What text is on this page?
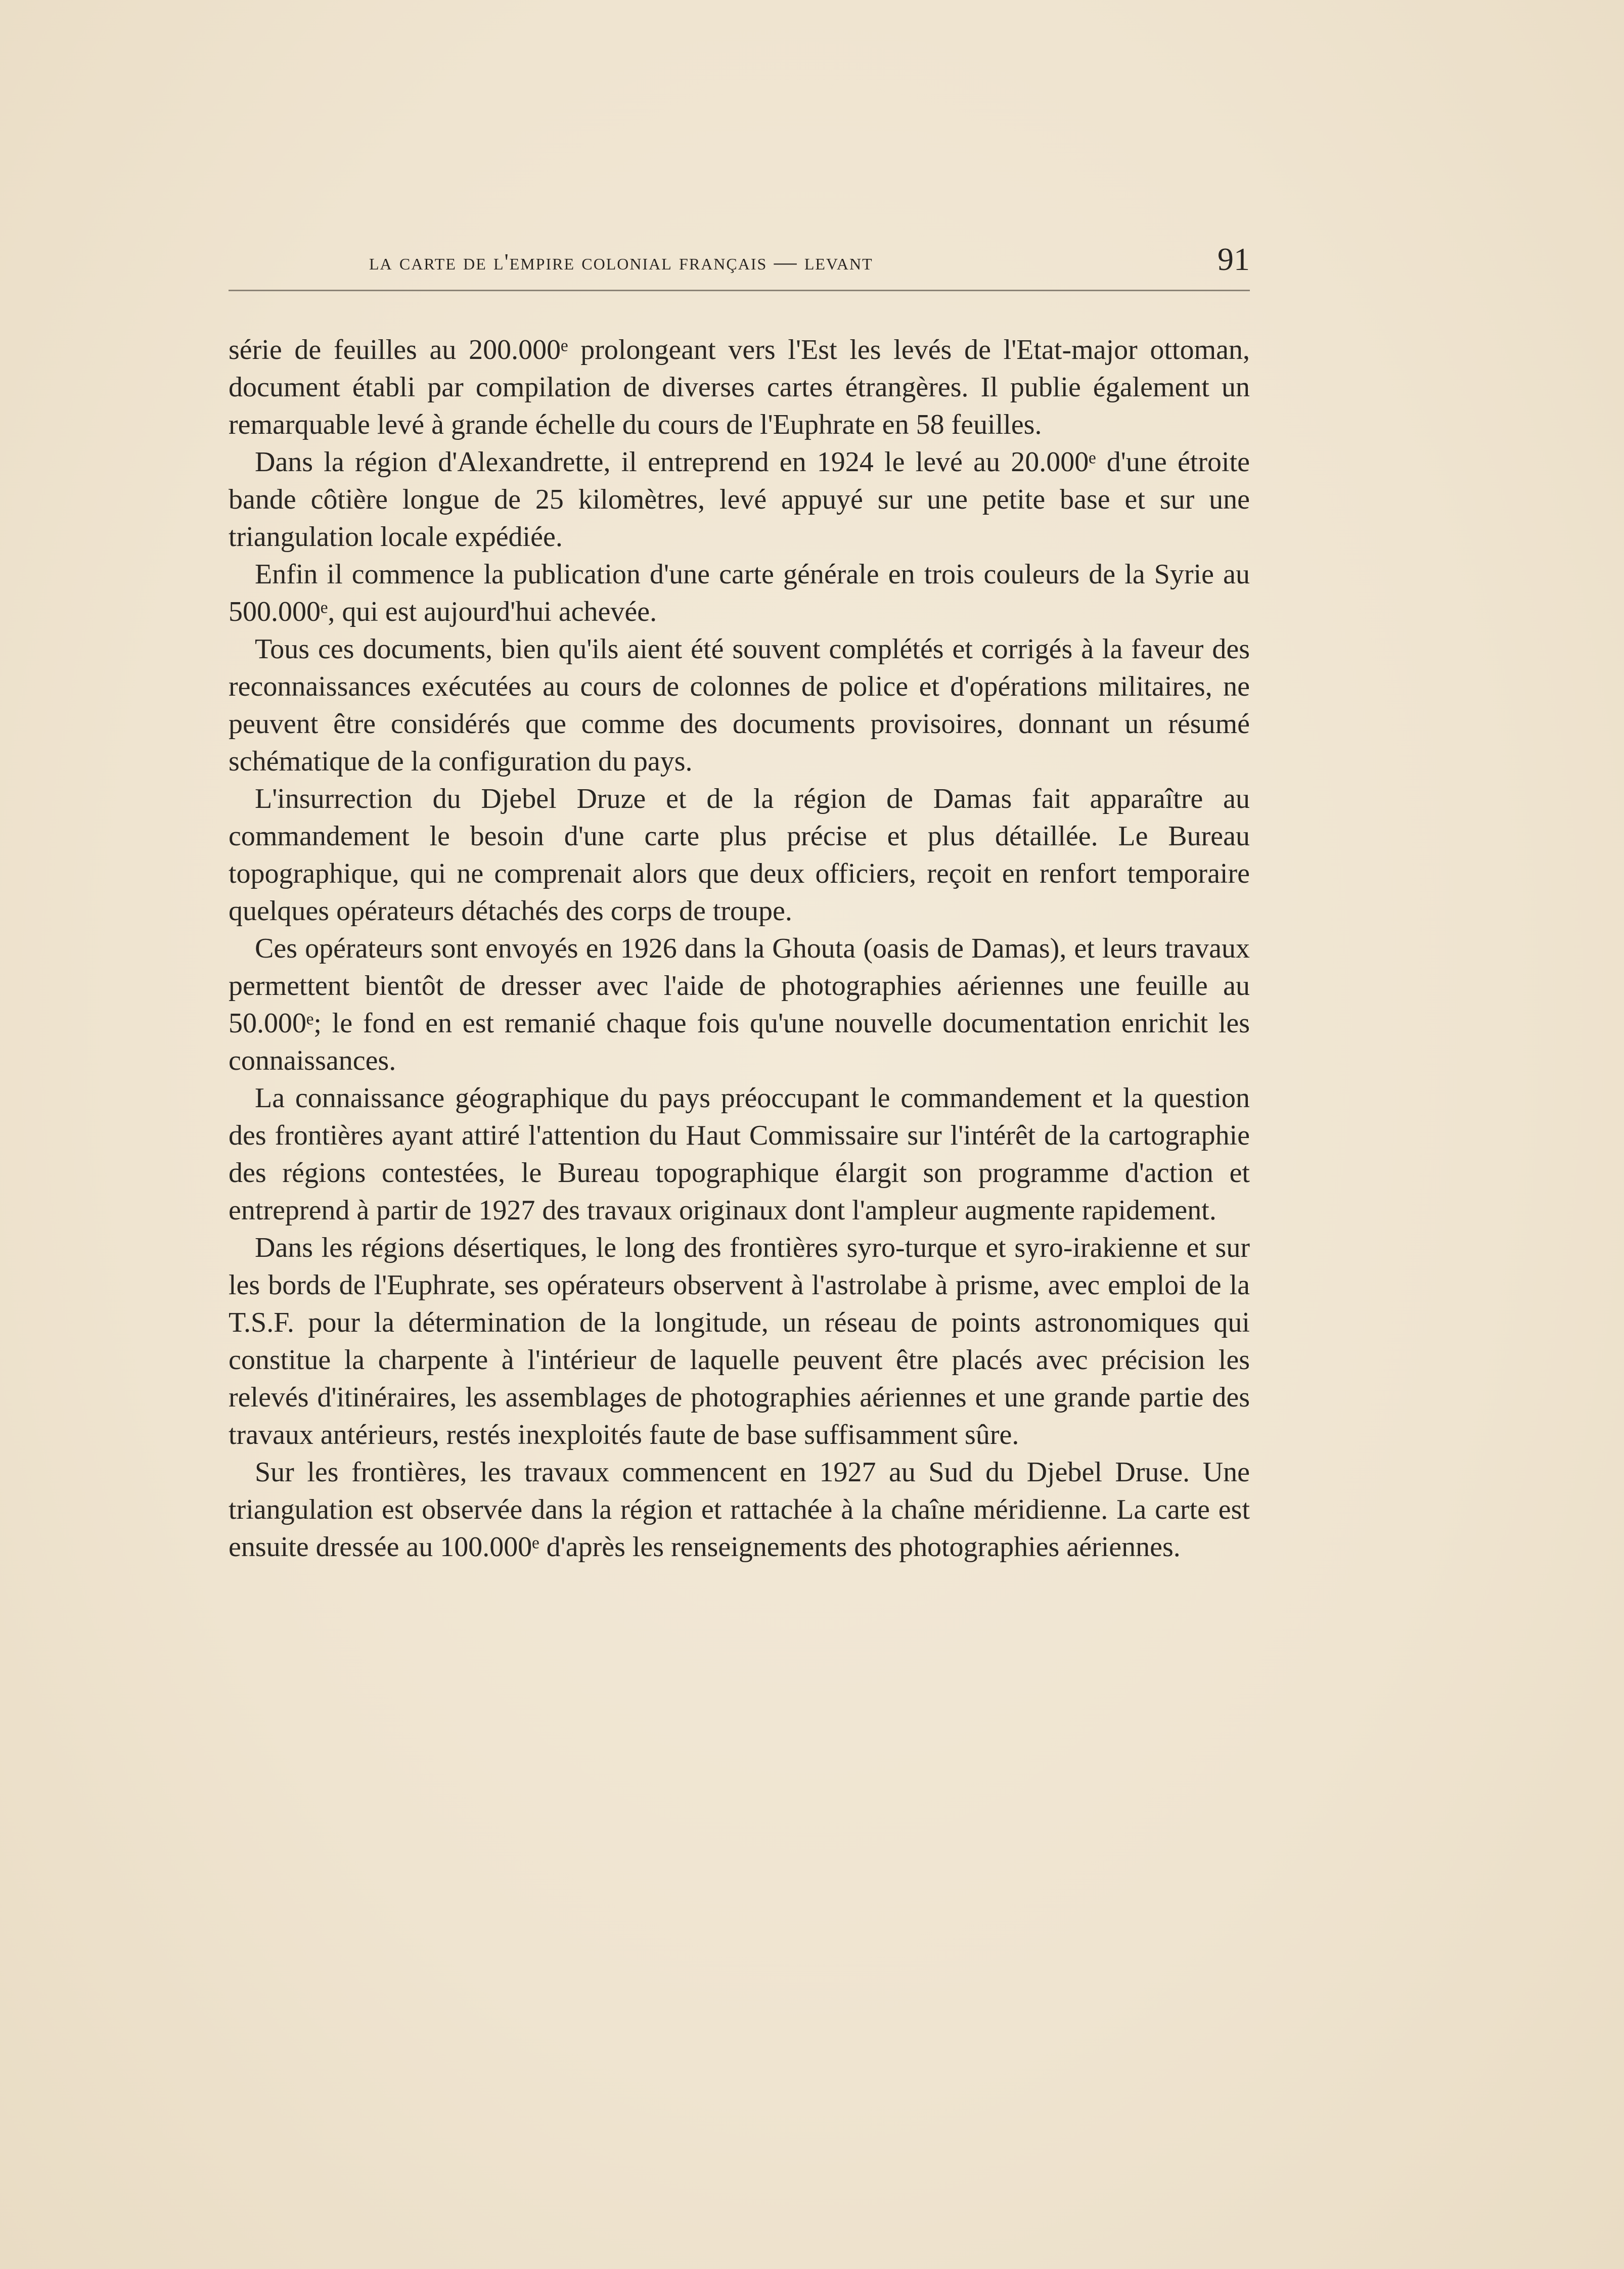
la carte de l'empire colonial français — levant	91

série de feuilles au 200.000ᵉ prolongeant vers l'Est les levés de l'Etat-major ottoman, document établi par compilation de diverses cartes étrangères. Il publie également un remarquable levé à grande échelle du cours de l'Euphrate en 58 feuilles.

Dans la région d'Alexandrette, il entreprend en 1924 le levé au 20.000ᵉ d'une étroite bande côtière longue de 25 kilomètres, levé appuyé sur une petite base et sur une triangulation locale expédiée.

Enfin il commence la publication d'une carte générale en trois couleurs de la Syrie au 500.000ᵉ, qui est aujourd'hui achevée.

Tous ces documents, bien qu'ils aient été souvent complétés et corrigés à la faveur des reconnaissances exécutées au cours de colonnes de police et d'opérations militaires, ne peuvent être considérés que comme des documents provisoires, donnant un résumé schématique de la configuration du pays.

L'insurrection du Djebel Druze et de la région de Damas fait apparaître au commandement le besoin d'une carte plus précise et plus détaillée. Le Bureau topographique, qui ne comprenait alors que deux officiers, reçoit en renfort temporaire quelques opérateurs détachés des corps de troupe.

Ces opérateurs sont envoyés en 1926 dans la Ghouta (oasis de Damas), et leurs travaux permettent bientôt de dresser avec l'aide de photographies aériennes une feuille au 50.000ᵉ; le fond en est remanié chaque fois qu'une nouvelle documentation enrichit les connaissances.

La connaissance géographique du pays préoccupant le commandement et la question des frontières ayant attiré l'attention du Haut Commissaire sur l'intérêt de la cartographie des régions contestées, le Bureau topographique élargit son programme d'action et entreprend à partir de 1927 des travaux originaux dont l'ampleur augmente rapidement.

Dans les régions désertiques, le long des frontières syro-turque et syro-irakienne et sur les bords de l'Euphrate, ses opérateurs observent à l'astrolabe à prisme, avec emploi de la T.S.F. pour la détermination de la longitude, un réseau de points astronomiques qui constitue la charpente à l'intérieur de laquelle peuvent être placés avec précision les relevés d'itinéraires, les assemblages de photographies aériennes et une grande partie des travaux antérieurs, restés inexploités faute de base suffisamment sûre.

Sur les frontières, les travaux commencent en 1927 au Sud du Djebel Druse. Une triangulation est observée dans la région et rattachée à la chaîne méridienne. La carte est ensuite dressée au 100.000ᵉ d'après les renseignements des photographies aériennes.
